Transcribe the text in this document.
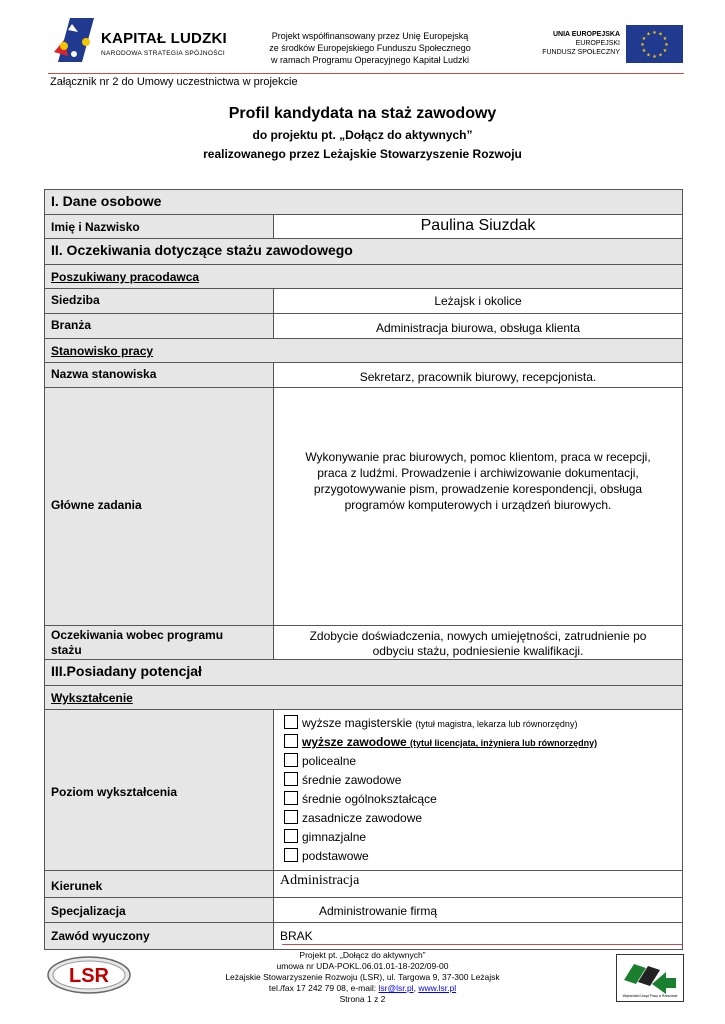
KAPITAŁ LUDZKI
NARODOWA STRATEGIA SPÓJNOŚCI
Projekt współfinansowany przez Unię Europejską
ze środków Europejskiego Funduszu Społecznego
w ramach Programu Operacyjnego Kapitał Ludzki
UNIA EUROPEJSKA
EUROPEJSKI
FUNDUSZ SPOŁECZNY
★ ★
★
★
★
★
★
★
★
★
★
★
Załącznik nr 2 do Umowy uczestnictwa w projekcie
Profil kandydata na staż zawodowy
do projektu pt. „Dołącz do aktywnych”
realizowanego przez Leżajskie Stowarzyszenie Rozwoju
I. Dane osobowe
Imię i Nazwisko	Paulina Siuzdak
II. Oczekiwania dotyczące stażu zawodowego
Poszukiwany pracodawca
Siedziba	Leżajsk i okolice
Branża	Administracja biurowa, obsługa klienta
Stanowisko pracy
Nazwa stanowiska	Sekretarz, pracownik biurowy, recepcjonista.
Główne zadania
Wykonywanie prac biurowych, pomoc klientom, praca w recepcji,
praca z ludźmi. Prowadzenie i archiwizowanie dokumentacji,
przygotowywanie pism, prowadzenie korespondencji, obsługa
programów komputerowych i urządzeń biurowych.
Oczekiwania wobec programu
stażu
Zdobycie doświadczenia, nowych umiejętności, zatrudnienie po
odbyciu stażu, podniesienie kwalifikacji.
III.Posiadany potencjał
Wykształcenie
Poziom wykształcenia
wyższe magisterskie (tytuł magistra, lekarza lub równorzędny)
wyższe zawodowe (tytuł licencjata, inżyniera lub równorzędny)
policealne
średnie zawodowe
średnie ogólnokształcące
zasadnicze zawodowe
gimnazjalne
podstawowe
Kierunek	Administracja
Specjalizacja	Administrowanie firmą
Zawód wyuczony	BRAK
LSR
Projekt pt. „Dołącz do aktywnych”
umowa nr UDA-POKL.06.01.01-18-202/09-00
Leżajskie Stowarzyszenie Rozwoju (LSR), ul. Targowa 9, 37-300 Leżajsk
tel./fax 17 242 79 08, e-mail: lsr@lsr.pl, www.lsr.pl
Strona 1 z 2	Wojewódzki Urząd Pracy w Rzeszowie
